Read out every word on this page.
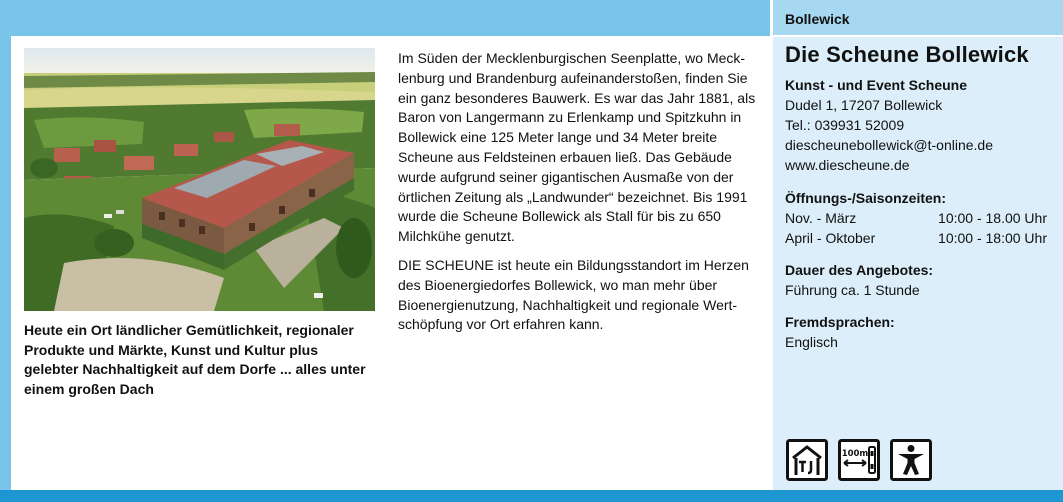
Bollewick
Die Scheune Bollewick
Kunst - und Event Scheune
Dudel 1, 17207 Bollewick
Tel.: 039931 52009
diescheunebollewick@t-online.de
www.diescheune.de
Öffnungs-/Saisonzeiten:
Nov. - März	10:00 - 18.00 Uhr
April - Oktober	10:00 - 18:00 Uhr
Dauer des Angebotes:
Führung ca. 1 Stunde
Fremdsprachen:
Englisch
100m
Heute ein Ort ländlicher Gemütlichkeit, regionaler Produkte und Märkte, Kunst und Kultur plus gelebter Nachhaltigkeit auf dem Dorfe ... alles unter einem großen Dach

Im Süden der Mecklenburgischen Seenplatte, wo Meck-lenburg und Brandenburg aufeinanderstoßen, finden Sie ein ganz besonderes Bauwerk. Es war das Jahr 1881, als Baron von Langermann zu Erlenkamp und Spitzkuhn in Bollewick eine 125 Meter lange und 34 Meter breite Scheune aus Feldsteinen erbauen ließ. Das Gebäude wurde aufgrund seiner gigantischen Ausmaße von der örtlichen Zeitung als „Landwunder“ bezeichnet. Bis 1991 wurde die Scheune Bollewick als Stall für bis zu 650 Milchkühe genutzt.

DIE SCHEUNE ist heute ein Bildungsstandort im Herzen des Bioenergiedorfes Bollewick, wo man mehr über Bioenergienutzung, Nachhaltigkeit und regionale Wert-schöpfung vor Ort erfahren kann.
